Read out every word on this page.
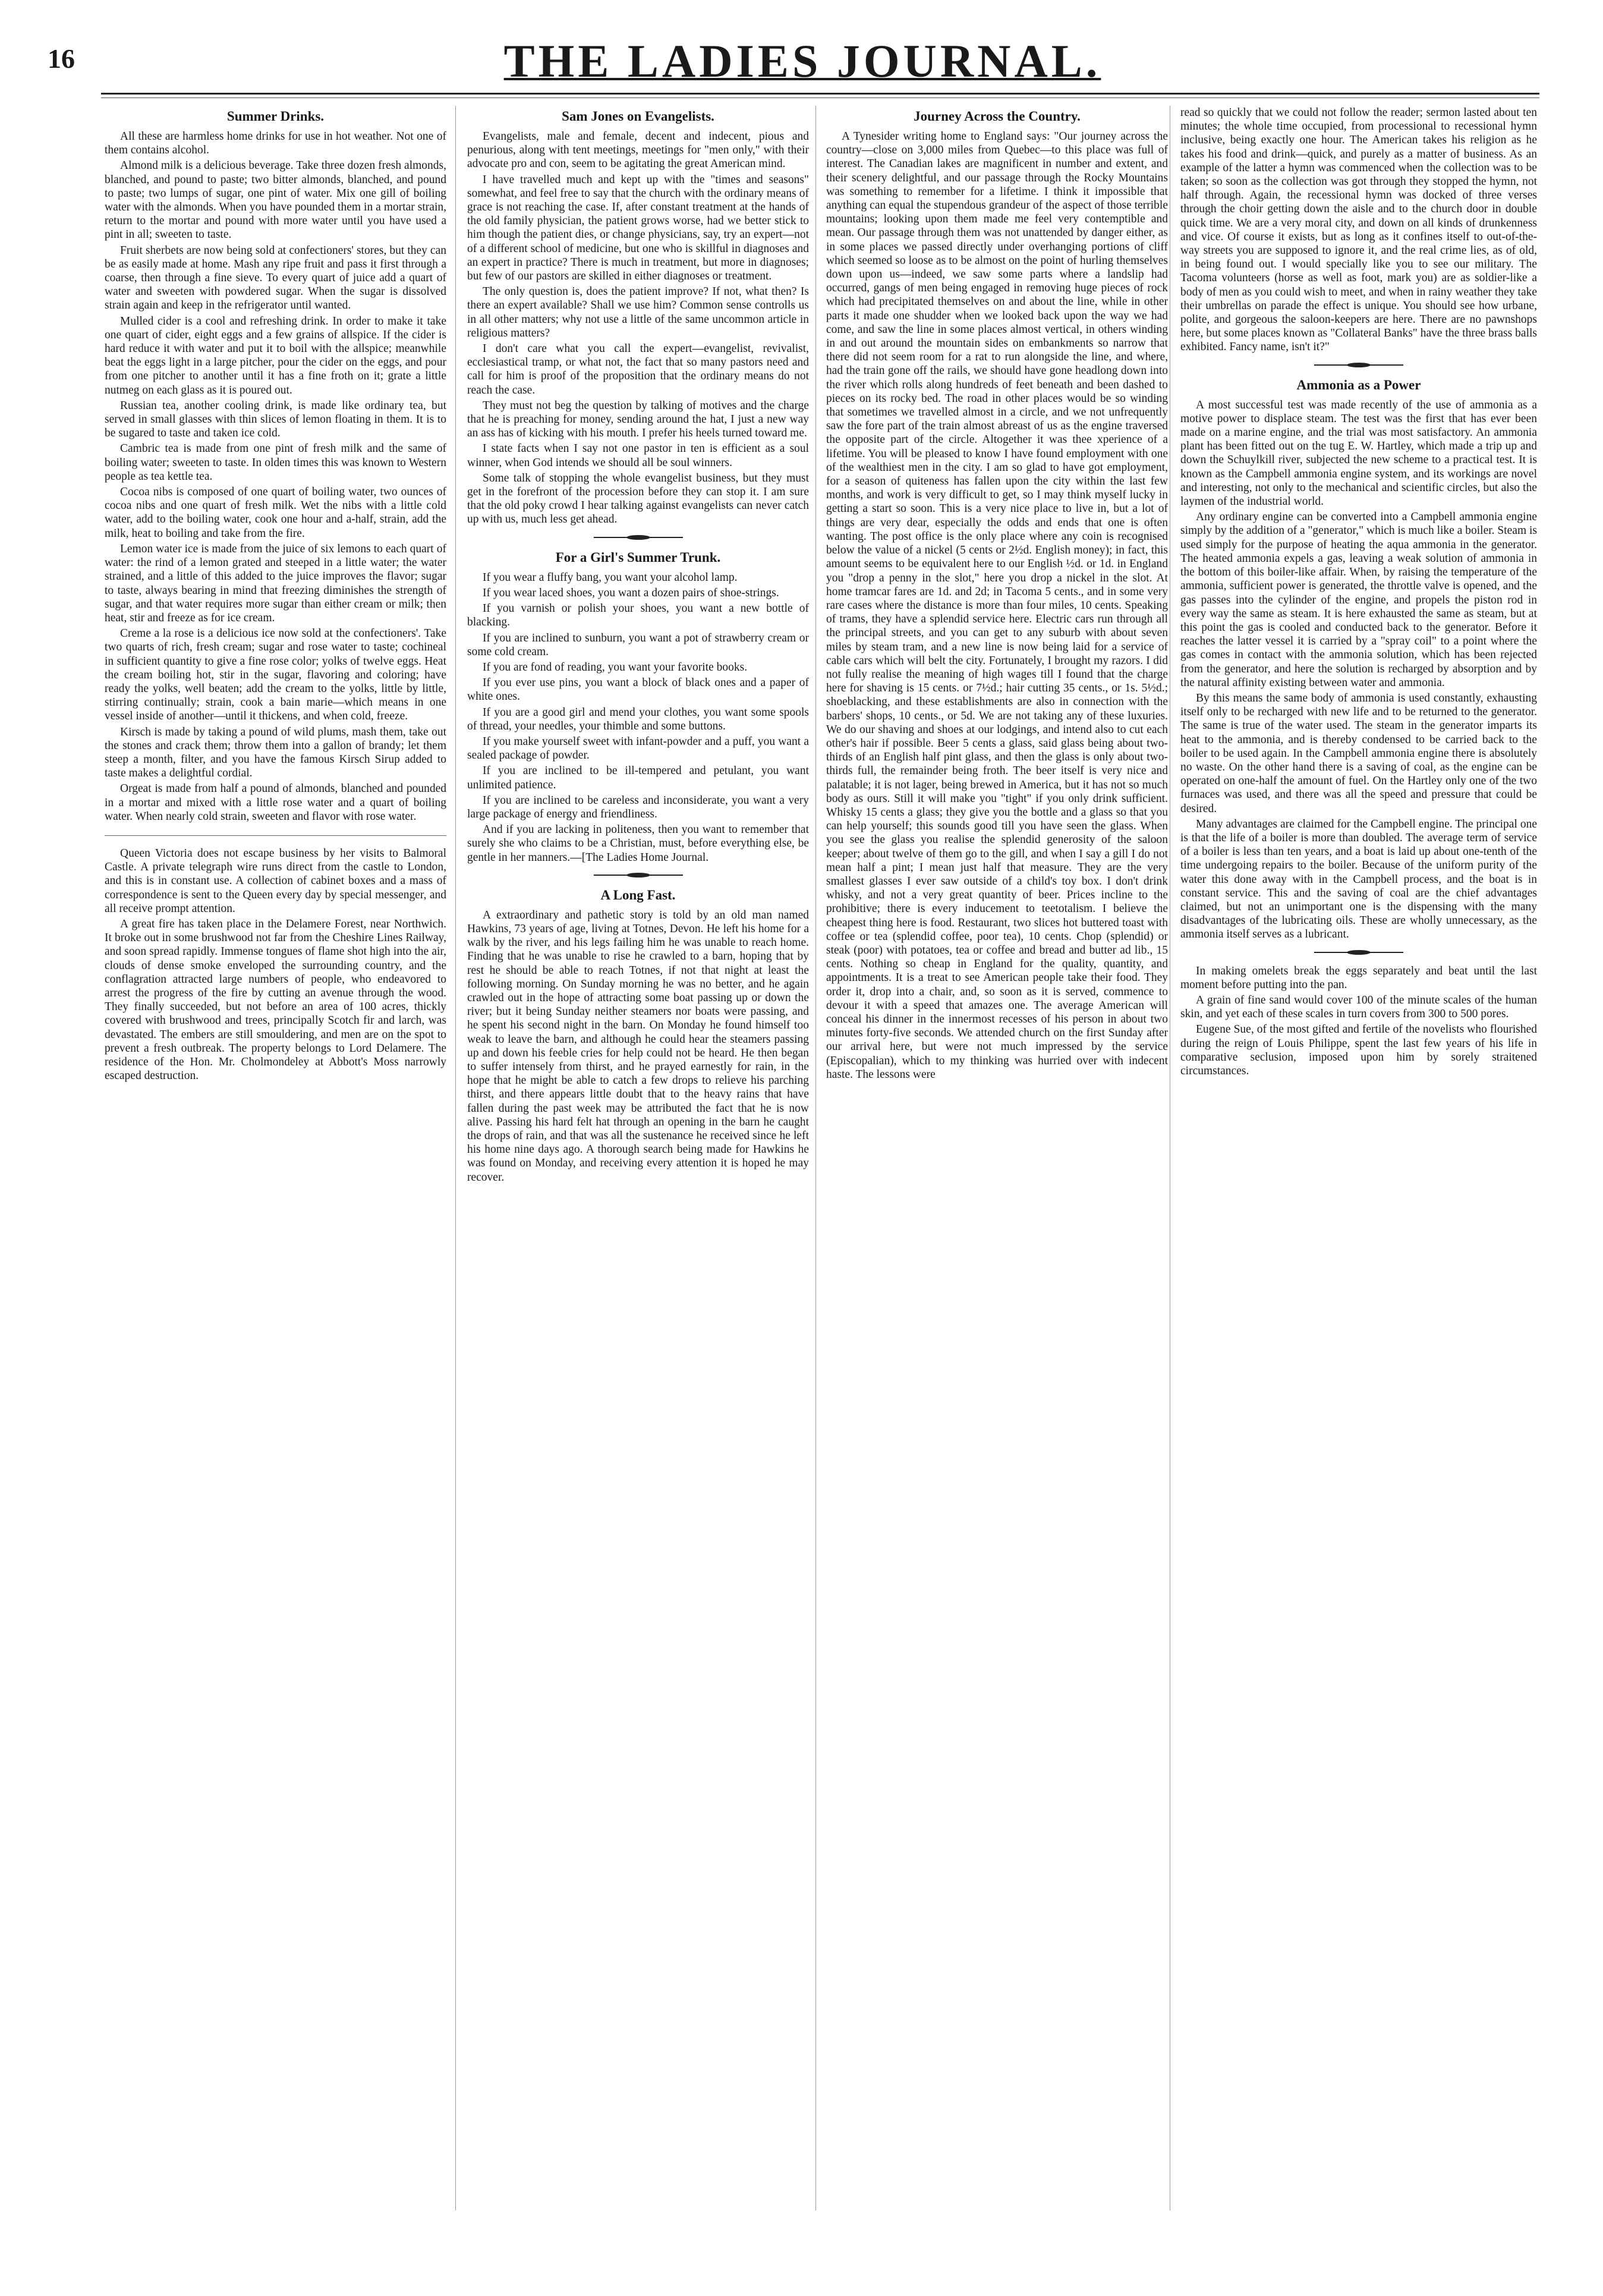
16	THE LADIES JOURNAL.
Summer Drinks.

All these are harmless home drinks for use in hot weather. Not one of them contains alcohol.

Almond milk is a delicious beverage. Take three dozen fresh almonds, blanched, and pound to paste; two bitter almonds, blanched, and pound to paste; two lumps of sugar, one pint of water. Mix one gill of boiling water with the almonds. When you have pounded them in a mortar strain, return to the mortar and pound with more water until you have used a pint in all; sweeten to taste.

Fruit sherbets are now being sold at confectioners' stores, but they can be as easily made at home. Mash any ripe fruit and pass it first through a coarse, then through a fine sieve. To every quart of juice add a quart of water and sweeten with powdered sugar. When the sugar is dissolved strain again and keep in the refrigerator until wanted.

Mulled cider is a cool and refreshing drink. In order to make it take one quart of cider, eight eggs and a few grains of allspice. If the cider is hard reduce it with water and put it to boil with the allspice; meanwhile beat the eggs light in a large pitcher, pour the cider on the eggs, and pour from one pitcher to another until it has a fine froth on it; grate a little nutmeg on each glass as it is poured out.

Russian tea, another cooling drink, is made like ordinary tea, but served in small glasses with thin slices of lemon floating in them. It is to be sugared to taste and taken ice cold.

Cambric tea is made from one pint of fresh milk and the same of boiling water; sweeten to taste. In olden times this was known to Western people as tea kettle tea.

Cocoa nibs is composed of one quart of boiling water, two ounces of cocoa nibs and one quart of fresh milk. Wet the nibs with a little cold water, add to the boiling water, cook one hour and a-half, strain, add the milk, heat to boiling and take from the fire.

Lemon water ice is made from the juice of six lemons to each quart of water: the rind of a lemon grated and steeped in a little water; the water strained, and a little of this added to the juice improves the flavor; sugar to taste, always bearing in mind that freezing diminishes the strength of sugar, and that water requires more sugar than either cream or milk; then heat, stir and freeze as for ice cream.

Creme a la rose is a delicious ice now sold at the confectioners'. Take two quarts of rich, fresh cream; sugar and rose water to taste; cochineal in sufficient quantity to give a fine rose color; yolks of twelve eggs. Heat the cream boiling hot, stir in the sugar, flavoring and coloring; have ready the yolks, well beaten; add the cream to the yolks, little by little, stirring continually; strain, cook a bain marie—which means in one vessel inside of another—until it thickens, and when cold, freeze.

Kirsch is made by taking a pound of wild plums, mash them, take out the stones and crack them; throw them into a gallon of brandy; let them steep a month, filter, and you have the famous Kirsch Sirup added to taste makes a delightful cordial.

Orgeat is made from half a pound of almonds, blanched and pounded in a mortar and mixed with a little rose water and a quart of boiling water. When nearly cold strain, sweeten and flavor with rose water.

Queen Victoria does not escape business by her visits to Balmoral Castle. A private telegraph wire runs direct from the castle to London, and this is in constant use. A collection of cabinet boxes and a mass of correspondence is sent to the Queen every day by special messenger, and all receive prompt attention.

A great fire has taken place in the Delamere Forest, near Northwich. It broke out in some brushwood not far from the Cheshire Lines Railway, and soon spread rapidly. Immense tongues of flame shot high into the air, clouds of dense smoke enveloped the surrounding country, and the conflagration attracted large numbers of people, who endeavored to arrest the progress of the fire by cutting an avenue through the wood. They finally succeeded, but not before an area of 100 acres, thickly covered with brushwood and trees, principally Scotch fir and larch, was devastated. The embers are still smouldering, and men are on the spot to prevent a fresh outbreak. The property belongs to Lord Delamere. The residence of the Hon. Mr. Cholmondeley at Abbott's Moss narrowly escaped destruction.

Sam Jones on Evangelists.

Evangelists, male and female, decent and indecent, pious and penurious, along with tent meetings, meetings for "men only," with their advocate pro and con, seem to be agitating the great American mind.

I have travelled much and kept up with the "times and seasons" somewhat, and feel free to say that the church with the ordinary means of grace is not reaching the case. If, after constant treatment at the hands of the old family physician, the patient grows worse, had we better stick to him though the patient dies, or change physicians, say, try an expert—not of a different school of medicine, but one who is skillful in diagnoses and an expert in practice? There is much in treatment, but more in diagnoses; but few of our pastors are skilled in either diagnoses or treatment.

The only question is, does the patient improve? If not, what then? Is there an expert available? Shall we use him? Common sense controlls us in all other matters; why not use a little of the same uncommon article in religious matters?

I don't care what you call the expert—evangelist, revivalist, ecclesiastical tramp, or what not, the fact that so many pastors need and call for him is proof of the proposition that the ordinary means do not reach the case.

They must not beg the question by talking of motives and the charge that he is preaching for money, sending around the hat, I just a new way an ass has of kicking with his mouth. I prefer his heels turned toward me.

I state facts when I say not one pastor in ten is efficient as a soul winner, when God intends we should all be soul winners.

Some talk of stopping the whole evangelist business, but they must get in the forefront of the procession before they can stop it. I am sure that the old poky crowd I hear talking against evangelists can never catch up with us, much less get ahead.

For a Girl's Summer Trunk.

If you wear a fluffy bang, you want your alcohol lamp.

If you wear laced shoes, you want a dozen pairs of shoe-strings.

If you varnish or polish your shoes, you want a new bottle of blacking.

If you are inclined to sunburn, you want a pot of strawberry cream or some cold cream.

If you are fond of reading, you want your favorite books.

If you ever use pins, you want a block of black ones and a paper of white ones.

If you are a good girl and mend your clothes, you want some spools of thread, your needles, your thimble and some buttons.

If you make yourself sweet with infant-powder and a puff, you want a sealed package of powder.

If you are inclined to be ill-tempered and petulant, you want unlimited patience.

If you are inclined to be careless and inconsiderate, you want a very large package of energy and friendliness.

And if you are lacking in politeness, then you want to remember that surely she who claims to be a Christian, must, before everything else, be gentle in her manners.—[The Ladies Home Journal.

A Long Fast.

A extraordinary and pathetic story is told by an old man named Hawkins, 73 years of age, living at Totnes, Devon. He left his home for a walk by the river, and his legs failing him he was unable to reach home. Finding that he was unable to rise he crawled to a barn, hoping that by rest he should be able to reach Totnes, if not that night at least the following morning. On Sunday morning he was no better, and he again crawled out in the hope of attracting some boat passing up or down the river; but it being Sunday neither steamers nor boats were passing, and he spent his second night in the barn. On Monday he found himself too weak to leave the barn, and although he could hear the steamers passing up and down his feeble cries for help could not be heard. He then began to suffer intensely from thirst, and he prayed earnestly for rain, in the hope that he might be able to catch a few drops to relieve his parching thirst, and there appears little doubt that to the heavy rains that have fallen during the past week may be attributed the fact that he is now alive. Passing his hard felt hat through an opening in the barn he caught the drops of rain, and that was all the sustenance he received since he left his home nine days ago. A thorough search being made for Hawkins he was found on Monday, and receiving every attention it is hoped he may recover.

Journey Across the Country.

A Tynesider writing home to England says: "Our journey across the country—close on 3,000 miles from Quebec—to this place was full of interest. The Canadian lakes are magnificent in number and extent, and their scenery delightful, and our passage through the Rocky Mountains was something to remember for a lifetime. I think it impossible that anything can equal the stupendous grandeur of the aspect of those terrible mountains; looking upon them made me feel very contemptible and mean. Our passage through them was not unattended by danger either, as in some places we passed directly under overhanging portions of cliff which seemed so loose as to be almost on the point of hurling themselves down upon us—indeed, we saw some parts where a landslip had occurred, gangs of men being engaged in removing huge pieces of rock which had precipitated themselves on and about the line, while in other parts it made one shudder when we looked back upon the way we had come, and saw the line in some places almost vertical, in others winding in and out around the mountain sides on embankments so narrow that there did not seem room for a rat to run alongside the line, and where, had the train gone off the rails, we should have gone headlong down into the river which rolls along hundreds of feet beneath and been dashed to pieces on its rocky bed. The road in other places would be so winding that sometimes we travelled almost in a circle, and we not unfrequently saw the fore part of the train almost abreast of us as the engine traversed the opposite part of the circle. Altogether it was thee xperience of a lifetime. You will be pleased to know I have found employment with one of the wealthiest men in the city. I am so glad to have got employment, for a season of quiteness has fallen upon the city within the last few months, and work is very difficult to get, so I may think myself lucky in getting a start so soon. This is a very nice place to live in, but a lot of things are very dear, especially the odds and ends that one is often wanting. The post office is the only place where any coin is recognised below the value of a nickel (5 cents or 2½d. English money); in fact, this amount seems to be equivalent here to our English ½d. or 1d. in England you "drop a penny in the slot," here you drop a nickel in the slot. At home tramcar fares are 1d. and 2d; in Tacoma 5 cents., and in some very rare cases where the distance is more than four miles, 10 cents. Speaking of trams, they have a splendid service here. Electric cars run through all the principal streets, and you can get to any suburb with about seven miles by steam tram, and a new line is now being laid for a service of cable cars which will belt the city. Fortunately, I brought my razors. I did not fully realise the meaning of high wages till I found that the charge here for shaving is 15 cents. or 7½d.; hair cutting 35 cents., or 1s. 5½d.; shoeblacking, and these establishments are also in connection with the barbers' shops, 10 cents., or 5d. We are not taking any of these luxuries. We do our shaving and shoes at our lodgings, and intend also to cut each other's hair if possible. Beer 5 cents a glass, said glass being about two-thirds of an English half pint glass, and then the glass is only about two-thirds full, the remainder being froth. The beer itself is very nice and palatable; it is not lager, being brewed in America, but it has not so much body as ours. Still it will make you "tight" if you only drink sufficient. Whisky 15 cents a glass; they give you the bottle and a glass so that you can help yourself; this sounds good till you have seen the glass. When you see the glass you realise the splendid generosity of the saloon keeper; about twelve of them go to the gill, and when I say a gill I do not mean half a pint; I mean just half that measure. They are the very smallest glasses I ever saw outside of a child's toy box. I don't drink whisky, and not a very great quantity of beer. Prices incline to the prohibitive; there is every inducement to teetotalism. I believe the cheapest thing here is food. Restaurant, two slices hot buttered toast with coffee or tea (splendid coffee, poor tea), 10 cents. Chop (splendid) or steak (poor) with potatoes, tea or coffee and bread and butter ad lib., 15 cents. Nothing so cheap in England for the quality, quantity, and appointments. It is a treat to see American people take their food. They order it, drop into a chair, and, so soon as it is served, commence to devour it with a speed that amazes one. The average American will conceal his dinner in the innermost recesses of his person in about two minutes forty-five seconds. We attended church on the first Sunday after our arrival here, but were not much impressed by the service (Episcopalian), which to my thinking was hurried over with indecent haste. The lessons were

read so quickly that we could not follow the reader; sermon lasted about ten minutes; the whole time occupied, from processional to recessional hymn inclusive, being exactly one hour. The American takes his religion as he takes his food and drink—quick, and purely as a matter of business. As an example of the latter a hymn was commenced when the collection was to be taken; so soon as the collection was got through they stopped the hymn, not half through. Again, the recessional hymn was docked of three verses through the choir getting down the aisle and to the church door in double quick time. We are a very moral city, and down on all kinds of drunkenness and vice. Of course it exists, but as long as it confines itself to out-of-the-way streets you are supposed to ignore it, and the real crime lies, as of old, in being found out. I would specially like you to see our military. The Tacoma volunteers (horse as well as foot, mark you) are as soldier-like a body of men as you could wish to meet, and when in rainy weather they take their umbrellas on parade the effect is unique. You should see how urbane, polite, and gorgeous the saloon-keepers are here. There are no pawnshops here, but some places known as "Collateral Banks" have the three brass balls exhibited. Fancy name, isn't it?"

Ammonia as a Power

A most successful test was made recently of the use of ammonia as a motive power to displace steam. The test was the first that has ever been made on a marine engine, and the trial was most satisfactory. An ammonia plant has been fitted out on the tug E. W. Hartley, which made a trip up and down the Schuylkill river, subjected the new scheme to a practical test. It is known as the Campbell ammonia engine system, and its workings are novel and interesting, not only to the mechanical and scientific circles, but also the laymen of the industrial world.

Any ordinary engine can be converted into a Campbell ammonia engine simply by the addition of a "generator," which is much like a boiler. Steam is used simply for the purpose of heating the aqua ammonia in the generator. The heated ammonia expels a gas, leaving a weak solution of ammonia in the bottom of this boiler-like affair. When, by raising the temperature of the ammonia, sufficient power is generated, the throttle valve is opened, and the gas passes into the cylinder of the engine, and propels the piston rod in every way the same as steam. It is here exhausted the same as steam, but at this point the gas is cooled and conducted back to the generator. Before it reaches the latter vessel it is carried by a "spray coil" to a point where the gas comes in contact with the ammonia solution, which has been rejected from the generator, and here the solution is recharged by absorption and by the natural affinity existing between water and ammonia.

By this means the same body of ammonia is used constantly, exhausting itself only to be recharged with new life and to be returned to the generator. The same is true of the water used. The steam in the generator imparts its heat to the ammonia, and is thereby condensed to be carried back to the boiler to be used again. In the Campbell ammonia engine there is absolutely no waste. On the other hand there is a saving of coal, as the engine can be operated on one-half the amount of fuel. On the Hartley only one of the two furnaces was used, and there was all the speed and pressure that could be desired.

Many advantages are claimed for the Campbell engine. The principal one is that the life of a boiler is more than doubled. The average term of service of a boiler is less than ten years, and a boat is laid up about one-tenth of the time undergoing repairs to the boiler. Because of the uniform purity of the water this done away with in the Campbell process, and the boat is in constant service. This and the saving of coal are the chief advantages claimed, but not an unimportant one is the dispensing with the many disadvantages of the lubricating oils. These are wholly unnecessary, as the ammonia itself serves as a lubricant.

In making omelets break the eggs separately and beat until the last moment before putting into the pan.

A grain of fine sand would cover 100 of the minute scales of the human skin, and yet each of these scales in turn covers from 300 to 500 pores.

Eugene Sue, of the most gifted and fertile of the novelists who flourished during the reign of Louis Philippe, spent the last few years of his life in comparative seclusion, imposed upon him by sorely straitened circumstances.
